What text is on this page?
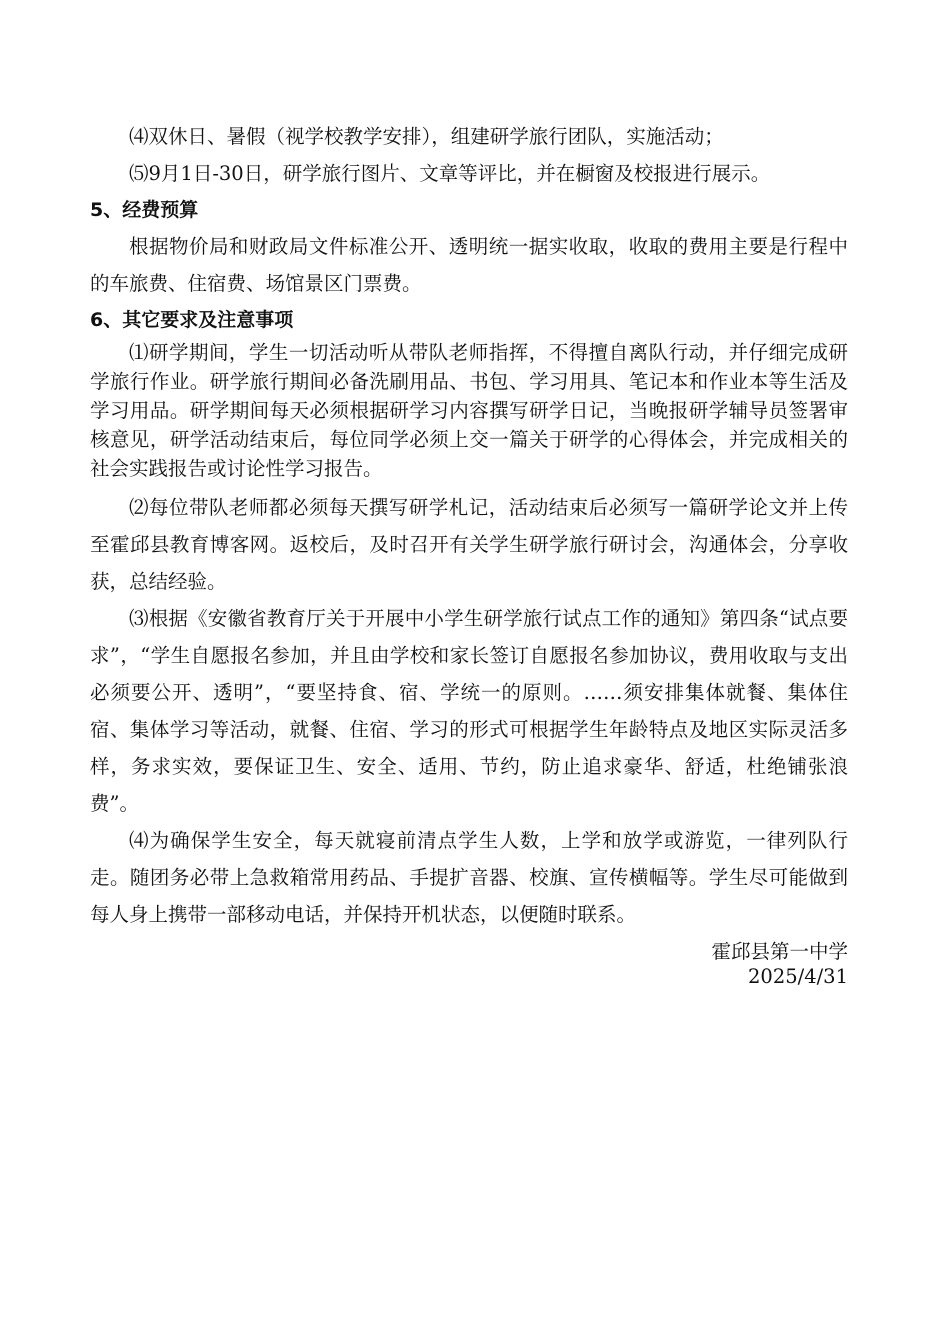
⑷双休日、暑假（视学校教学安排），组建研学旅行团队，实施活动；

⑸9月1日-30日，研学旅行图片、文章等评比，并在橱窗及校报进行展示。

5、经费预算

根据物价局和财政局文件标准公开、透明统一据实收取，收取的费用主要是行程中的车旅费、住宿费、场馆景区门票费。

6、其它要求及注意事项

⑴研学期间，学生一切活动听从带队老师指挥，不得擅自离队行动，并仔细完成研学旅行作业。研学旅行期间必备洗刷用品、书包、学习用具、笔记本和作业本等生活及学习用品。研学期间每天必须根据研学习内容撰写研学日记，当晚报研学辅导员签署审核意见，研学活动结束后，每位同学必须上交一篇关于研学的心得体会，并完成相关的社会实践报告或讨论性学习报告。

⑵每位带队老师都必须每天撰写研学札记，活动结束后必须写一篇研学论文并上传至霍邱县教育博客网。返校后，及时召开有关学生研学旅行研讨会，沟通体会，分享收获，总结经验。

⑶根据《安徽省教育厅关于开展中小学生研学旅行试点工作的通知》第四条“试点要求”，“学生自愿报名参加，并且由学校和家长签订自愿报名参加协议，费用收取与支出必须要公开、透明”，“要坚持食、宿、学统一的原则。……须安排集体就餐、集体住宿、集体学习等活动，就餐、住宿、学习的形式可根据学生年龄特点及地区实际灵活多样，务求实效，要保证卫生、安全、适用、节约，防止追求豪华、舒适，杜绝铺张浪费”。

⑷为确保学生安全，每天就寝前清点学生人数，上学和放学或游览，一律列队行走。随团务必带上急救箱常用药品、手提扩音器、校旗、宣传横幅等。学生尽可能做到每人身上携带一部移动电话，并保持开机状态，以便随时联系。

霍邱县第一中学

2025/4/31
